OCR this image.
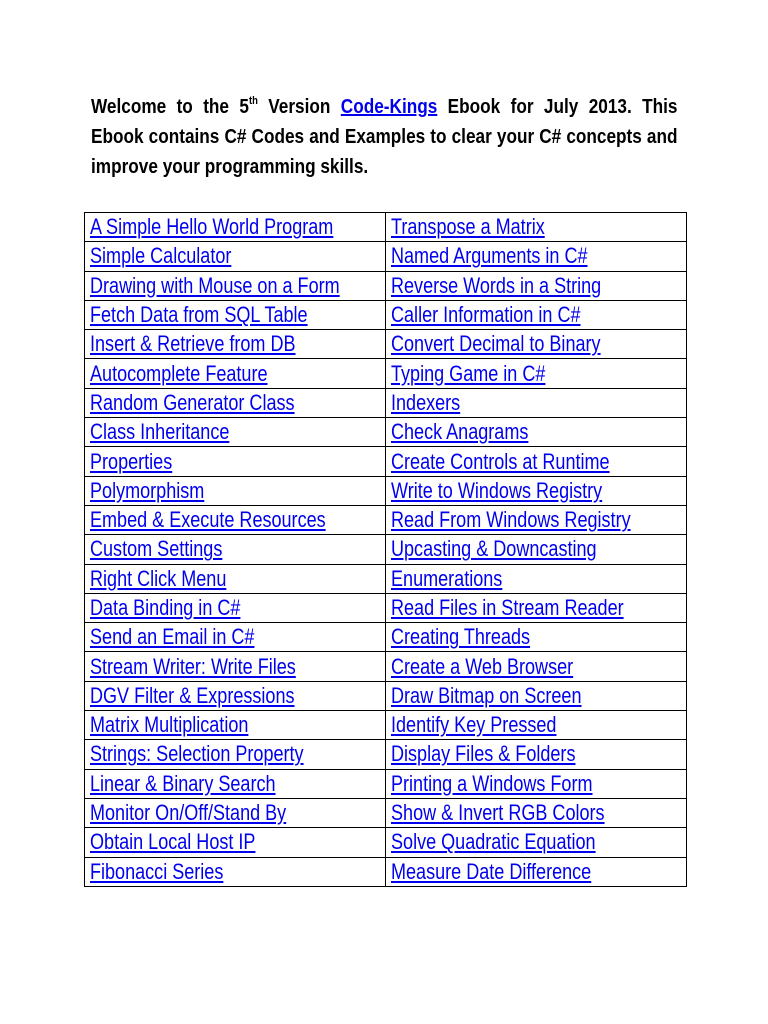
Welcome to the 5th Version Code-Kings Ebook for July 2013. This Ebook contains C# Codes and Examples to clear your C# concepts and improve your programming skills.

A Simple Hello World Program	Transpose a Matrix
Simple Calculator	Named Arguments in C#
Drawing with Mouse on a Form	Reverse Words in a String
Fetch Data from SQL Table	Caller Information in C#
Insert & Retrieve from DB	Convert Decimal to Binary
Autocomplete Feature	Typing Game in C#
Random Generator Class	Indexers
Class Inheritance	Check Anagrams
Properties	Create Controls at Runtime
Polymorphism	Write to Windows Registry
Embed & Execute Resources	Read From Windows Registry
Custom Settings	Upcasting & Downcasting
Right Click Menu	Enumerations
Data Binding in C#	Read Files in Stream Reader
Send an Email in C#	Creating Threads
Stream Writer: Write Files	Create a Web Browser
DGV Filter & Expressions	Draw Bitmap on Screen
Matrix Multiplication	Identify Key Pressed
Strings: Selection Property	Display Files & Folders
Linear & Binary Search	Printing a Windows Form
Monitor On/Off/Stand By	Show & Invert RGB Colors
Obtain Local Host IP	Solve Quadratic Equation
Fibonacci Series	Measure Date Difference
